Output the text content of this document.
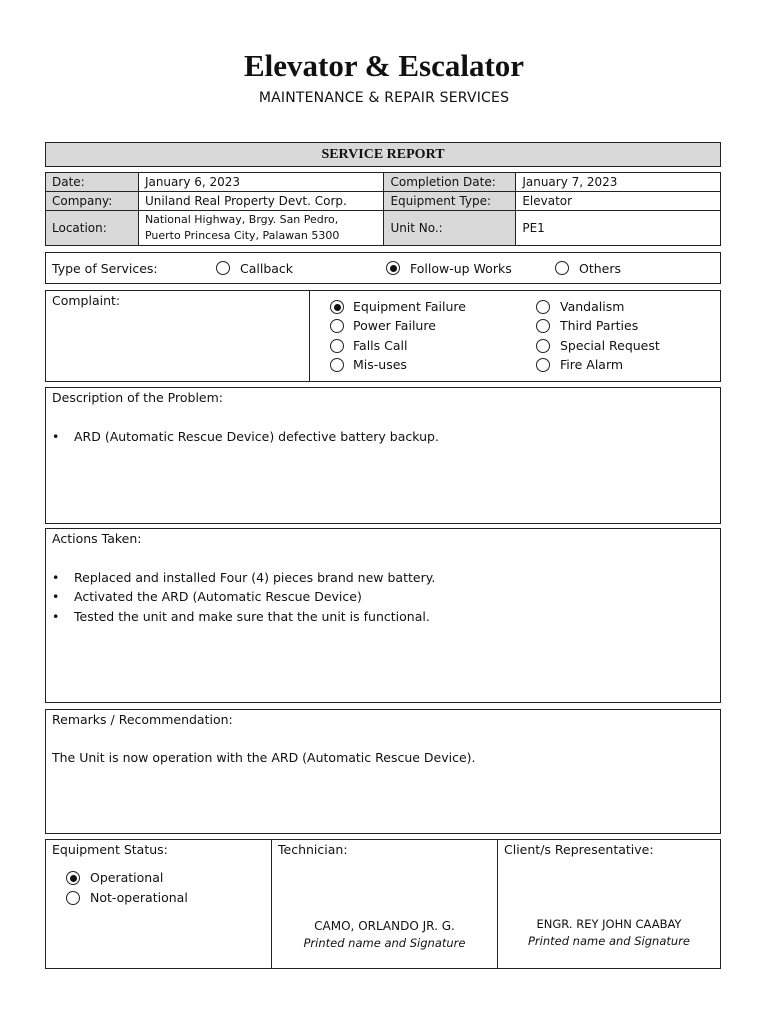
Elevator & Escalator
MAINTENANCE & REPAIR SERVICES
SERVICE REPORT
Date:	January 6, 2023	Completion Date:	January 7, 2023
Company:	Uniland Real Property Devt. Corp.	Equipment Type:	Elevator
Location:	National Highway, Brgy. San Pedro,
Puerto Princesa City, Palawan 5300	Unit No.:	PE1
Type of Services:	Callback	Follow-up Works	Others
Complaint:	Equipment Failure
Power Failure
Falls Call
Mis-uses
Vandalism
Third Parties
Special Request
Fire Alarm
Description of the Problem:
• ARD (Automatic Rescue Device) defective battery backup.
Actions Taken:
• Replaced and installed Four (4) pieces brand new battery.
• Activated the ARD (Automatic Rescue Device)
• Tested the unit and make sure that the unit is functional.
Remarks / Recommendation:
The Unit is now operation with the ARD (Automatic Rescue Device).
Equipment Status:
Operational
Not-operational
Technician:
CAMO, ORLANDO JR. G.
Printed name and Signature
Client/s Representative:
ENGR. REY JOHN CAABAY
Printed name and Signature
